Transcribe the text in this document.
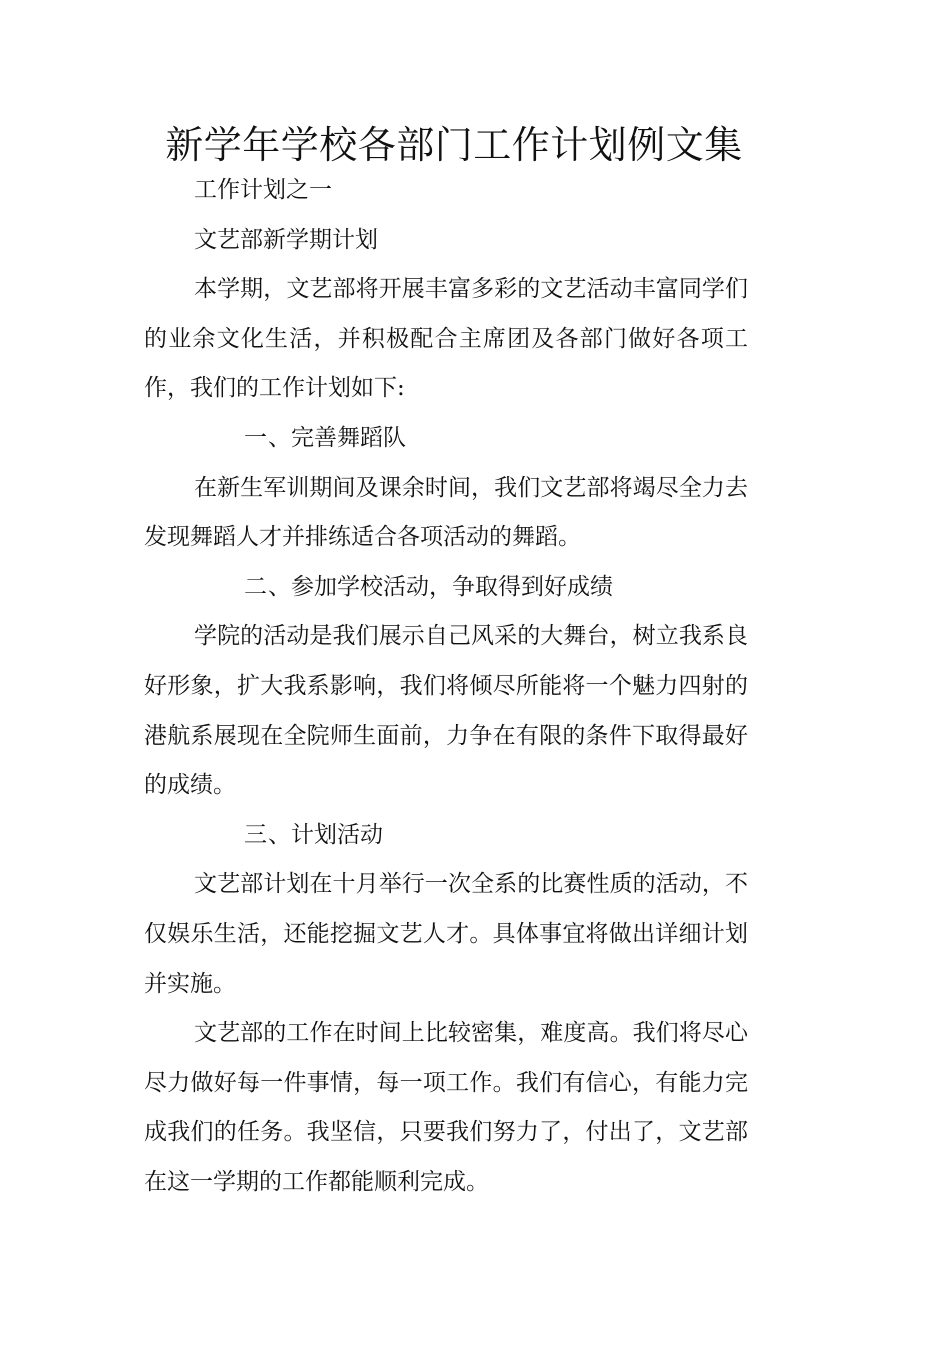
新学年学校各部门工作计划例文集

工作计划之一

文艺部新学期计划

本学期，文艺部将开展丰富多彩的文艺活动丰富同学们的业余文化生活，并积极配合主席团及各部门做好各项工作，我们的工作计划如下:

一、完善舞蹈队

在新生军训期间及课余时间，我们文艺部将竭尽全力去发现舞蹈人才并排练适合各项活动的舞蹈。

二、参加学校活动，争取得到好成绩

学院的活动是我们展示自己风采的大舞台，树立我系良好形象，扩大我系影响，我们将倾尽所能将一个魅力四射的港航系展现在全院师生面前，力争在有限的条件下取得最好的成绩。

三、计划活动

文艺部计划在十月举行一次全系的比赛性质的活动，不仅娱乐生活，还能挖掘文艺人才。具体事宜将做出详细计划并实施。

文艺部的工作在时间上比较密集，难度高。我们将尽心尽力做好每一件事情，每一项工作。我们有信心，有能力完成我们的任务。我坚信，只要我们努力了，付出了，文艺部在这一学期的工作都能顺利完成。
